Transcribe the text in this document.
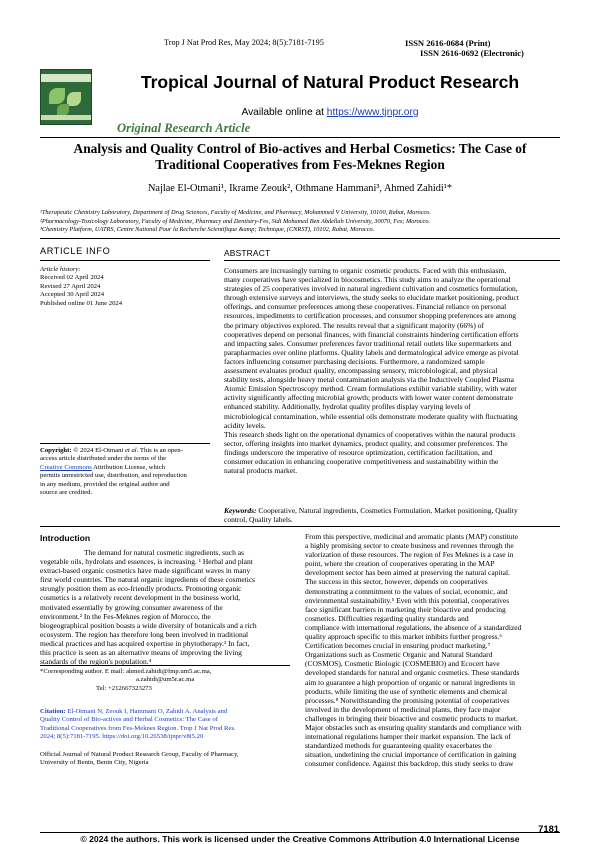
Trop J Nat Prod Res, May 2024; 8(5):7181-7195	ISSN 2616-0684 (Print)
ISSN 2616-0692 (Electronic)
Tropical Journal of Natural Product Research
Available online at https://www.tjnpr.org
Original Research Article
Analysis and Quality Control of Bio-actives and Herbal Cosmetics: The Case of
Traditional Cooperatives from Fes-Meknes Region
Najlae El-Otmani¹, Ikrame Zeouk², Othmane Hammani³, Ahmed Zahidi¹*
¹Therapeutic Chemistry Laboratory, Department of Drug Sciences, Faculty of Medicine, and Pharmacy, Mohammed V University, 10100, Rabat, Morocco.
²Pharmacology-Toxicology Laboratory, Faculty of Medicine, Pharmacy and Dentistry-Fes, Sidi Mohamed Ben Abdellah University, 30070, Fes; Morocco.
³Chemistry Platform, UATRS, Centre National Pour la Recherche Scientifique &amp; Technique, (CNRST), 10102, Rabat, Morocco.
ARTICLE INFO
Article history:
Received 02 April 2024
Revised 27 April 2024
Accepted 30 April 2024
Published online 01 June 2024
Copyright: © 2024 El-Otmani et al. This is an open-
access article distributed under the terms of the
Creative Commons Attribution License, which
permits unrestricted use, distribution, and reproduction
in any medium, provided the original author and
source are credited.
ABSTRACT
Consumers are increasingly turning to organic cosmetic products. Faced with this enthusiasm,
many cooperatives have specialized in biocosmetics. This study aims to analyze the operational
strategies of 25 cooperatives involved in natural ingredient cultivation and cosmetics formulation,
through extensive surveys and interviews, the study seeks to elucidate market positioning, product
offerings, and consumer preferences among these cooperatives. Financial reliance on personal
resources, impediments to certification processes, and consumer shopping preferences are among
the primary objectives explored. The results reveal that a significant majority (66%) of
cooperatives depend on personal finances, with financial constraints hindering certification efforts
and impacting sales. Consumer preferences favor traditional retail outlets like supermarkets and
parapharmacies over online platforms. Quality labels and dermatological advice emerge as pivotal
factors influencing consumer purchasing decisions. Furthermore, a randomized sample
assessment evaluates product quality, encompassing sensory, microbiological, and physical
stability tests, alongside heavy metal contamination analysis via the Inductively Coupled Plasma
Atomic Emission Spectroscopy method. Cream formulations exhibit variable stability, with water
activity significantly affecting microbial growth; products with lower water content demonstrate
enhanced stability. Additionally, hydrolat quality profiles display varying levels of
microbiological contamination, while essential oils demonstrate moderate quality with fluctuating
acidity levels.
This research sheds light on the operational dynamics of cooperatives within the natural products
sector, offering insights into market dynamics, product quality, and consumer preferences. The
findings underscore the imperative of resource optimization, certification facilitation, and
consumer education in enhancing cooperative competitiveness and sustainability within the
natural products market.
Keywords: Cooperative, Natural ingredients, Cosmetics Formulation, Market positioning, Quality
control, Quality labels.
Introduction
The demand for natural cosmetic ingredients, such as
vegetable oils, hydrolats and essences, is increasing. ¹ Herbal and plant
extract-based organic cosmetics have made significant waves in many
first world countries. The natural organic ingredients of these cosmetics
strongly position them as eco-friendly products. Promoting organic
cosmetics is a relatively recent development in the business world,
motivated essentially by growing consumer awareness of the
environment.² In the Fes-Meknes region of Morocco, the
biogeographical position boasts a wide diversity of botanicals and a rich
ecosystem. The region has therefore long been involved in traditional
medical practices and has acquired expertise in phytotherapy.³ In fact,
this practice is seen as an alternative means of improving the living
standards of the region's population.⁴
*Corresponding author. E mail: ahmed.zahidi@fmp.um5.ac.ma,
a.zahidi@um5r.ac.ma
Tel: +212667323273
Citation: El-Otmani N, Zeouk I, Hammani O, Zahidi A. Analysis and
Quality Control of Bio-actives and Herbal Cosmetics: The Case of
Traditional Cooperatives from Fes-Meknes Region. Trop J Nat Prod Res.
2024; 8(5):7181-7195. https://doi.org/10.26538/tjnpr/v8i5.20
Official Journal of Natural Product Research Group, Faculty of Pharmacy,
University of Benin, Benin City, Nigeria
From this perspective, medicinal and aromatic plants (MAP) constitute
a highly promising sector to create business and revenues through the
valorization of these resources. The region of Fes Meknes is a case in
point, where the creation of cooperatives operating in the MAP
development sector has been aimed at preserving the natural capital.
The success in this sector, however, depends on cooperatives
demonstrating a commitment to the values of social, economic, and
environmental sustainability.⁵ Even with this potential, cooperatives
face significant barriers in marketing their bioactive and producing
cosmetics. Difficulties regarding quality standards and
compliance with international regulations, the absence of a standardized
quality approach specific to this market inhibits further progress.⁶
Certification becomes crucial in ensuring product marketing.⁷
Organizations such as Cosmetic Organic and Natural Standard
(COSMOS), Cosmetic Biologic (COSMEBIO) and Ecocert have
developed standards for natural and organic cosmetics. These standards
aim to guarantee a high proportion of organic or natural ingredients in
products, while limiting the use of synthetic elements and chemical
processes.⁸ Notwithstanding the promising potential of cooperatives
involved in the development of medicinal plants, they face major
challenges in bringing their bioactive and cosmetic products to market.
Major obstacles such as ensuring quality standards and compliance with
international regulations hamper their market expansion. The lack of
standardized methods for guaranteeing quality exacerbates the
situation, underlining the crucial importance of certification in gaining
consumer confidence. Against this backdrop, this study seeks to draw
7181
© 2024 the authors. This work is licensed under the Creative Commons Attribution 4.0 International License
